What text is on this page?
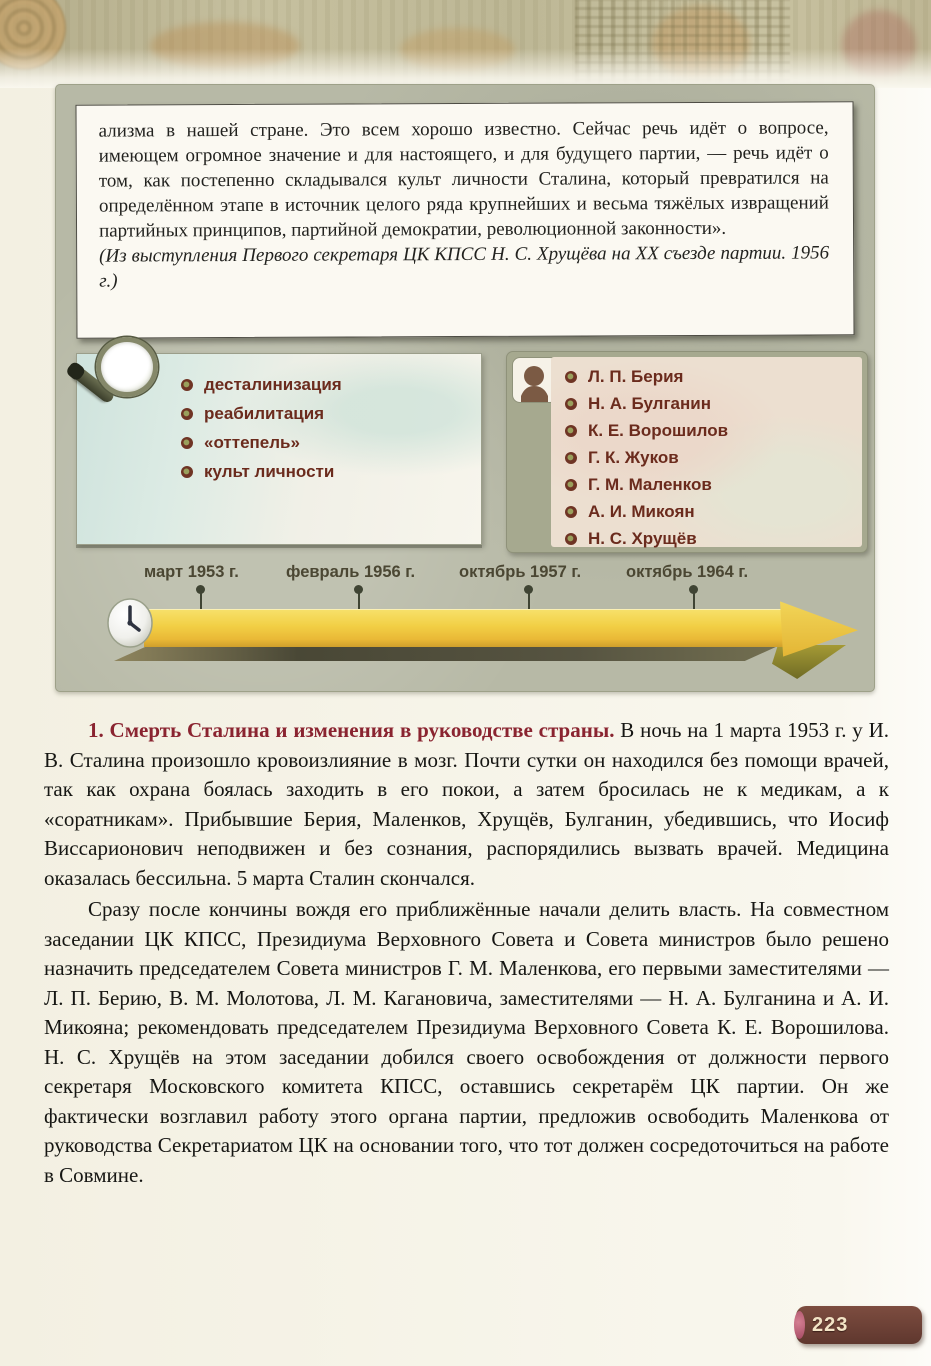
ализма в нашей стране. Это всем хорошо известно. Сейчас речь идёт о вопросе, имеющем огромное значение и для настоящего, и для будущего партии, — речь идёт о том, как постепенно складывался культ личности Сталина, который превратился на определённом этапе в источник целого ряда крупнейших и весьма тяжёлых извращений партийных принципов, партийной демократии, революционной законности».

(Из выступления Первого секретаря ЦК КПСС Н. С. Хрущёва на XX съезде партии. 1956 г.)

десталинизация
реабилитация
«оттепель»
культ личности
Л. П. Берия
Н. А. Булганин
К. Е. Ворошилов
Г. К. Жуков
Г. М. Маленков
А. И. Микоян
Н. С. Хрущёв
март 1953 г.	февраль 1956 г.	октябрь 1957 г.	октябрь 1964 г.

1. Смерть Сталина и изменения в руководстве страны. В ночь на 1 марта 1953 г. у И. В. Сталина произошло кровоизлияние в мозг. Почти сутки он находился без помощи врачей, так как охрана боялась заходить в его покои, а затем бросилась не к медикам, а к «соратникам». Прибывшие Берия, Маленков, Хрущёв, Булганин, убедившись, что Иосиф Виссарионович неподвижен и без сознания, распорядились вызвать врачей. Медицина оказалась бессильна. 5 марта Сталин скончался.

Сразу после кончины вождя его приближённые начали делить власть. На совместном заседании ЦК КПСС, Президиума Верховного Совета и Совета министров было решено назначить председателем Совета министров Г. М. Маленкова, его первыми заместителями — Л. П. Берию, В. М. Молотова, Л. М. Кагановича, заместителями — Н. А. Булганина и А. И. Микояна; рекомендовать председателем Президиума Верховного Совета К. Е. Ворошилова. Н. С. Хрущёв на этом заседании добился своего освобождения от должности первого секретаря Московского комитета КПСС, оставшись секретарём ЦК партии. Он же фактически возглавил работу этого органа партии, предложив освободить Маленкова от руководства Секретариатом ЦК на основании того, что тот должен сосредоточиться на работе в Совмине.

223
